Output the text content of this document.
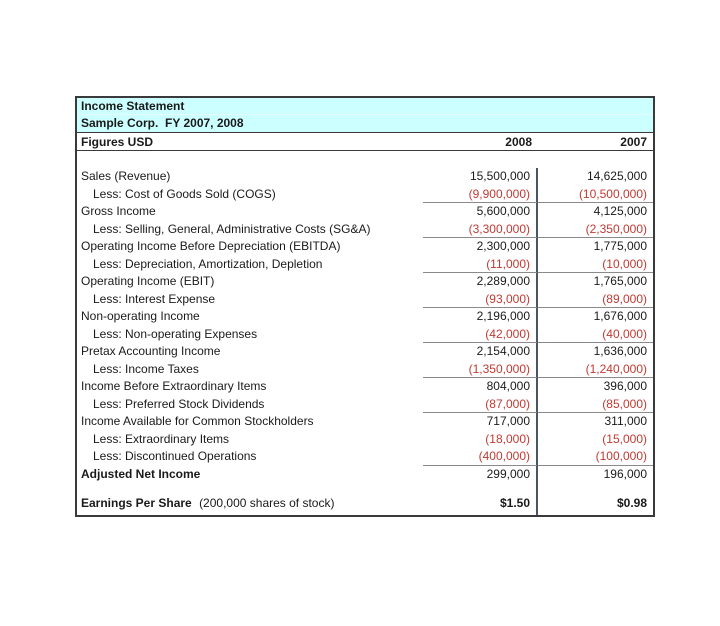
Income Statement
Sample Corp.  FY 2007, 2008
Figures USD	2008	2007
Sales (Revenue)	15,500,000	14,625,000
Less: Cost of Goods Sold (COGS)	(9,900,000)	(10,500,000)
Gross Income	5,600,000	4,125,000
Less: Selling, General, Administrative Costs (SG&A)	(3,300,000)	(2,350,000)
Operating Income Before Depreciation (EBITDA)	2,300,000	1,775,000
Less: Depreciation, Amortization, Depletion	(11,000)	(10,000)
Operating Income (EBIT)	2,289,000	1,765,000
Less: Interest Expense	(93,000)	(89,000)
Non-operating Income	2,196,000	1,676,000
Less: Non-operating Expenses	(42,000)	(40,000)
Pretax Accounting Income	2,154,000	1,636,000
Less: Income Taxes	(1,350,000)	(1,240,000)
Income Before Extraordinary Items	804,000	396,000
Less: Preferred Stock Dividends	(87,000)	(85,000)
Income Available for Common Stockholders	717,000	311,000
Less: Extraordinary Items	(18,000)	(15,000)
Less: Discontinued Operations	(400,000)	(100,000)
Adjusted Net Income	299,000	196,000
Earnings Per Share (200,000 shares of stock)	$1.50	$0.98
